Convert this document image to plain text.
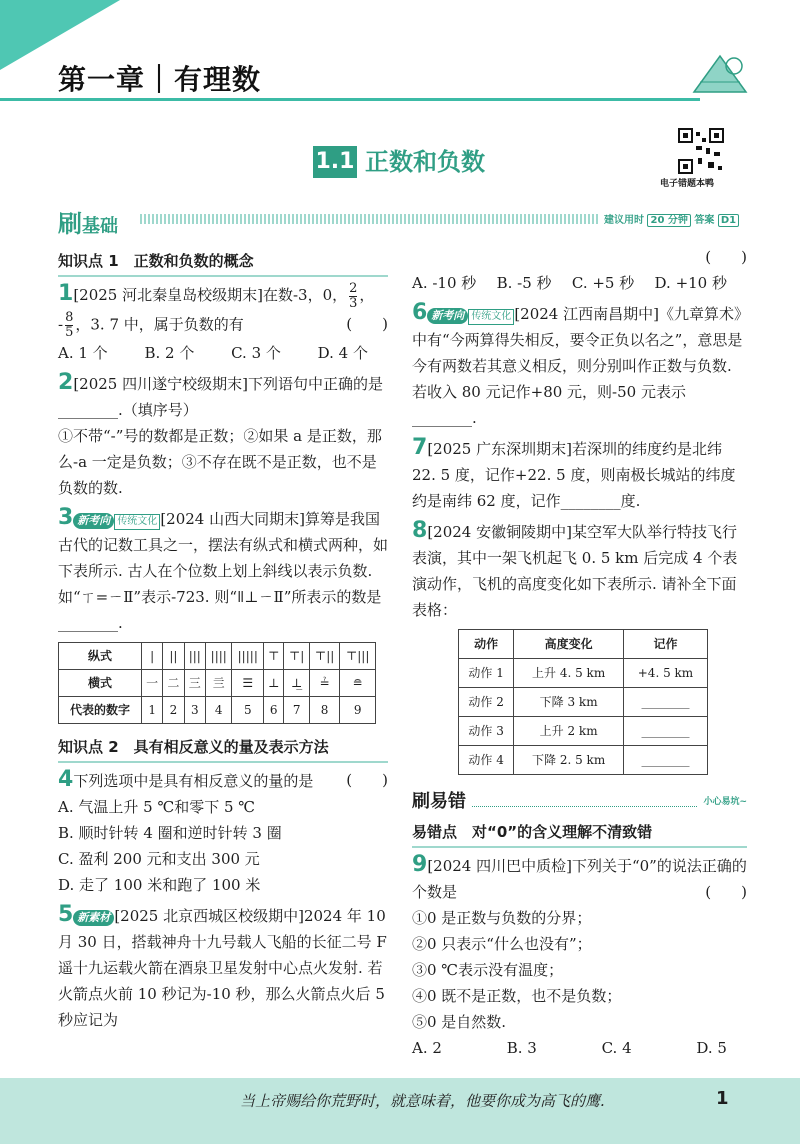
第一章｜有理数
1.1 正数和负数
电子错题本鸭
刷基础	建议用时 20 分钟 答案 D1
知识点 1　正数和负数的概念

1[2025 河北秦皇岛校级期末]在数-3，0， $\frac{2}{3}$ ，

- $\frac{8}{5}$ ，3. 7 中，属于负数的有	(　　)

A. 1 个 B. 2 个 C. 3 个 D. 4 个

2[2025 四川遂宁校级期末]下列语句中正确的是________.（填序号）

①不带“-”号的数都是正数；②如果 a 是正数，那么-a 一定是负数；③不存在既不是正数，也不是负数的数.

3 新考向 传统文化 [2024 山西大同期末]算筹是我国古代的记数工具之一，摆法有纵式和横式两种，如下表所示. 古人在个位数上划上斜线以表示负数. 如“ㄒ=ㄧⅡ”表示-723. 则“ǁ⊥ㄧⅡ”所表示的数是________.

纵式	|	||	|||	||||	|||||	⊤	⊤|	⊤||	⊤|||
横式	一	二	三	亖	☰	⊥	⊥̲	≟	≘
代表的数字	1	2	3	4	5	6	7	8	9
知识点 2　具有相反意义的量及表示方法

4下列选项中是具有相反意义的量的是 (　　)

A. 气温上升 5 ℃和零下 5 ℃

B. 顺时针转 4 圈和逆时针转 3 圈

C. 盈利 200 元和支出 300 元

D. 走了 100 米和跑了 100 米

5 新素材 [2025 北京西城区校级期中]2024 年 10 月 30 日，搭载神舟十九号载人飞船的长征二号 F 遥十九运载火箭在酒泉卫星发射中心点火发射. 若火箭点火前 10 秒记为-10 秒，那么火箭点火后 5 秒应记为

(　　)

A. -10 秒 B. -5 秒 C. +5 秒 D. +10 秒

6 新考向 传统文化 [2024 江西南昌期中]《九章算术》中有“今两算得失相反，要令正负以名之”，意思是今有两数若其意义相反，则分别叫作正数与负数. 若收入 80 元记作+80 元，则-50 元表示________.

7[2025 广东深圳期末]若深圳的纬度约是北纬 22. 5 度，记作+22. 5 度，则南极长城站的纬度约是南纬 62 度，记作________度.

8[2024 安徽铜陵期中]某空军大队举行特技飞行表演，其中一架飞机起飞 0. 5 km 后完成 4 个表演动作，飞机的高度变化如下表所示. 请补全下面表格：

动作	高度变化	记作
动作 1	上升 4. 5 km	+4. 5 km
动作 2	下降 3 km	________
动作 3	上升 2 km	________
动作 4	下降 2. 5 km	________
刷易错	小心易坑~
易错点　对“0”的含义理解不清致错

9[2024 四川巴中质检]下列关于“0”的说法正确的个数是	(　　)

①0 是正数与负数的分界；

②0 只表示“什么也没有”；

③0 ℃表示没有温度；

④0 既不是正数，也不是负数；

⑤0 是自然数.

A. 2	B. 3	C. 4	D. 5
当上帝赐给你荒野时，就意味着，他要你成为高飞的鹰.	1
